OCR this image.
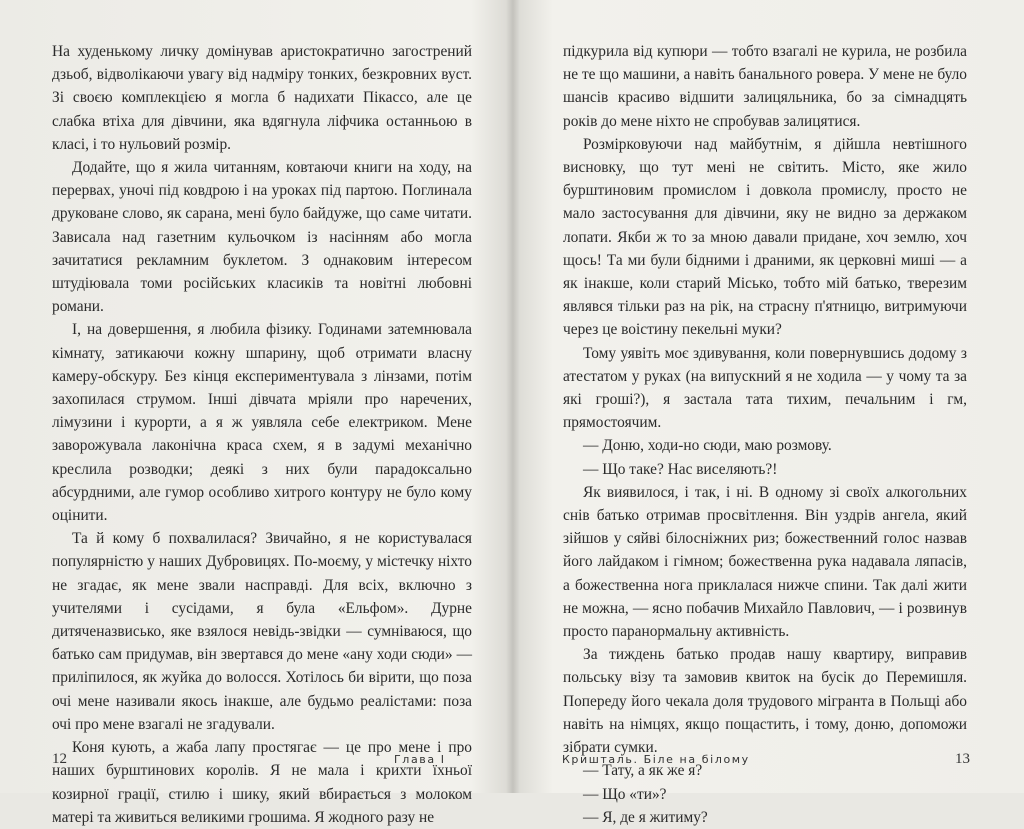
На худенькому личку домінував аристократично загострений дзьоб, відволікаючи увагу від надміру тонких, безкровних вуст. Зі своєю комплекцією я могла б надихати Пікассо, але це слабка втіха для дівчини, яка вдягнула ліфчика останньою в класі, і то нульовий розмір.

Додайте, що я жила читанням, ковтаючи книги на ходу, на перервах, уночі під ковдрою і на уроках під партою. Поглинала друковане слово, як сарана, мені було байдуже, що саме читати. Зависала над газетним кульочком із насінням або могла зачитатися рекламним буклетом. З однаковим інтересом штудіювала томи російських класиків та новітні любовні романи.

І, на довершення, я любила фізику. Годинами затемнювала кімнату, затикаючи кожну шпарину, щоб отримати власну камеру-обскуру. Без кінця експериментувала з лінзами, потім захопилася струмом. Інші дівчата мріяли про наречених, лімузини і курорти, а я ж уявляла себе електриком. Мене заворожувала лаконічна краса схем, я в задумі механічно креслила розводки; деякі з них були парадоксально абсурдними, але гумор особливо хитрого контуру не було кому оцінити.

Та й кому б похвалилася? Звичайно, я не користувалася популярністю у наших Дубровицях. По-моєму, у містечку ніхто не згадає, як мене звали насправді. Для всіх, включно з учителями і сусідами, я була «Ельфом». Дурне дитяченазвисько, яке взялося невідь-звідки — сумніваюся, що батько сам придумав, він звертався до мене «ану ходи сюди» — приліпилося, як жуйка до волосся. Хотілось би вірити, що поза очі мене називали якось інакше, але будьмо реалістами: поза очі про мене взагалі не згадували.

Коня кують, а жаба лапу простягає — це про мене і про наших бурштинових королів. Я не мала і крихти їхньої козирної грації, стилю і шику, який вбирається з молоком матері та живиться великими грошима. Я жодного разу не

підкурила від купюри — тобто взагалі не курила, не розбила не те що машини, а навіть банального ровера. У мене не було шансів красиво відшити залицяльника, бо за сімнадцять років до мене ніхто не спробував залицятися.

Розмірковуючи над майбутнім, я дійшла невтішного висновку, що тут мені не світить. Місто, яке жило бурштиновим промислом і довкола промислу, просто не мало застосування для дівчини, яку не видно за держаком лопати. Якби ж то за мною давали придане, хоч землю, хоч щось! Та ми були бідними і драними, як церковні миші — а як інакше, коли старий Місько, тобто мій батько, тверезим являвся тільки раз на рік, на страсну п'ятницю, витримуючи через це воістину пекельні муки?

Тому уявіть моє здивування, коли повернувшись додому з атестатом у руках (на випускний я не ходила — у чому та за які гроші?), я застала тата тихим, печальним і гм, прямостоячим.

— Доню, ходи-но сюди, маю розмову.

— Що таке? Нас виселяють?!

Як виявилося, і так, і ні. В одному зі своїх алкогольних снів батько отримав просвітлення. Він уздрів ангела, який зійшов у сяйві білосніжних риз; божественний голос назвав його лайдаком і гімном; божественна рука надавала ляпасів, а божественна нога приклалася нижче спини. Так далі жити не можна, — ясно побачив Михайло Павлович, — і розвинув просто паранормальну активність.

За тиждень батько продав нашу квартиру, виправив польську візу та замовив квиток на бусік до Перемишля. Попереду його чекала доля трудового мігранта в Польщі або навіть на німцях, якщо пощастить, і тому, доню, допоможи зібрати сумки.

— Тату, а як же я?

— Що «ти»?

— Я, де я житиму?

12	Глава І	Кришталь. Біле на білому	13
